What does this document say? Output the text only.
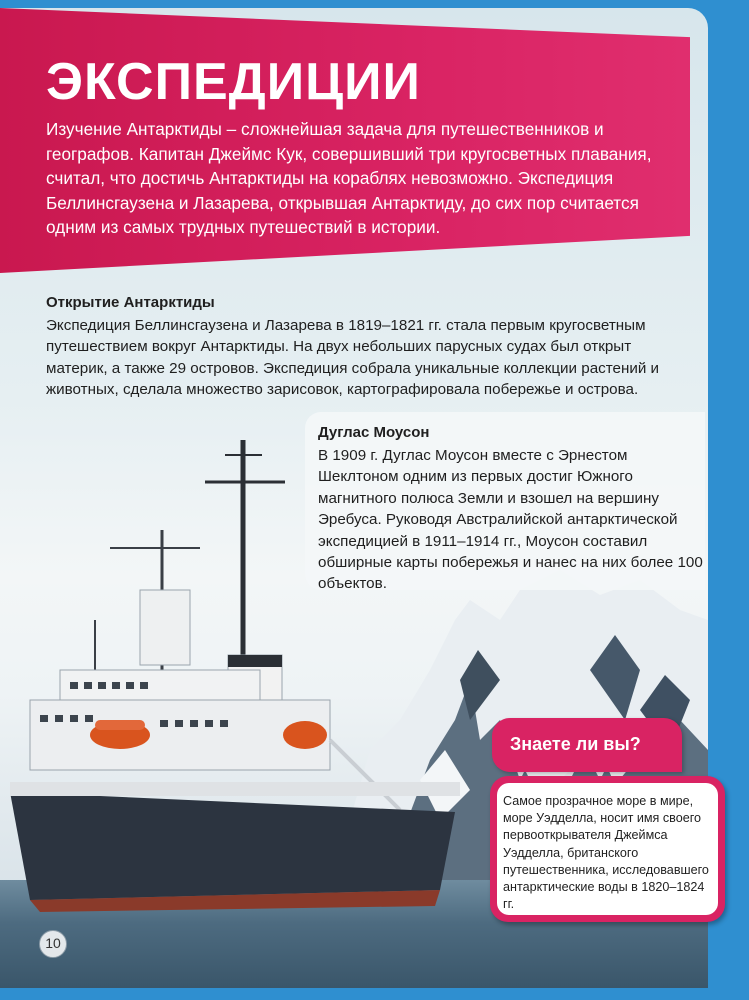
ЭКСПЕДИЦИИ
Изучение Антарктиды – сложнейшая задача для путешественников и географов. Капитан Джеймс Кук, совершивший три кругосветных плавания, считал, что достичь Антарктиды на кораблях невозможно. Экспедиция Беллинсгаузена и Лазарева, открывшая Антарктиду, до сих пор считается одним из самых трудных путешествий в истории.
Открытие Антарктиды
Экспедиция Беллинсгаузена и Лазарева в 1819–1821 гг. стала первым кругосветным путешествием вокруг Антарктиды. На двух небольших парусных судах был открыт материк, а также 29 островов. Экспедиция собрала уникальные коллекции растений и животных, сделала множество зарисовок, картографировала побережье и острова.
Дуглас Моусон
В 1909 г. Дуглас Моусон вместе с Эрнестом Шеклтоном одним из первых достиг Южного магнитного полюса Земли и взошел на вершину Эребуса. Руководя Австралийской антарктической экспедицией в 1911–1914 гг., Моусон составил обширные карты побережья и нанес на них более 100 объектов.
Знаете ли вы?
Самое прозрачное море в мире, море Уэдделла, носит имя своего первооткрывателя Джеймса Уэдделла, британского путешественника, исследовавшего антарктические воды в 1820–1824 гг.
10
